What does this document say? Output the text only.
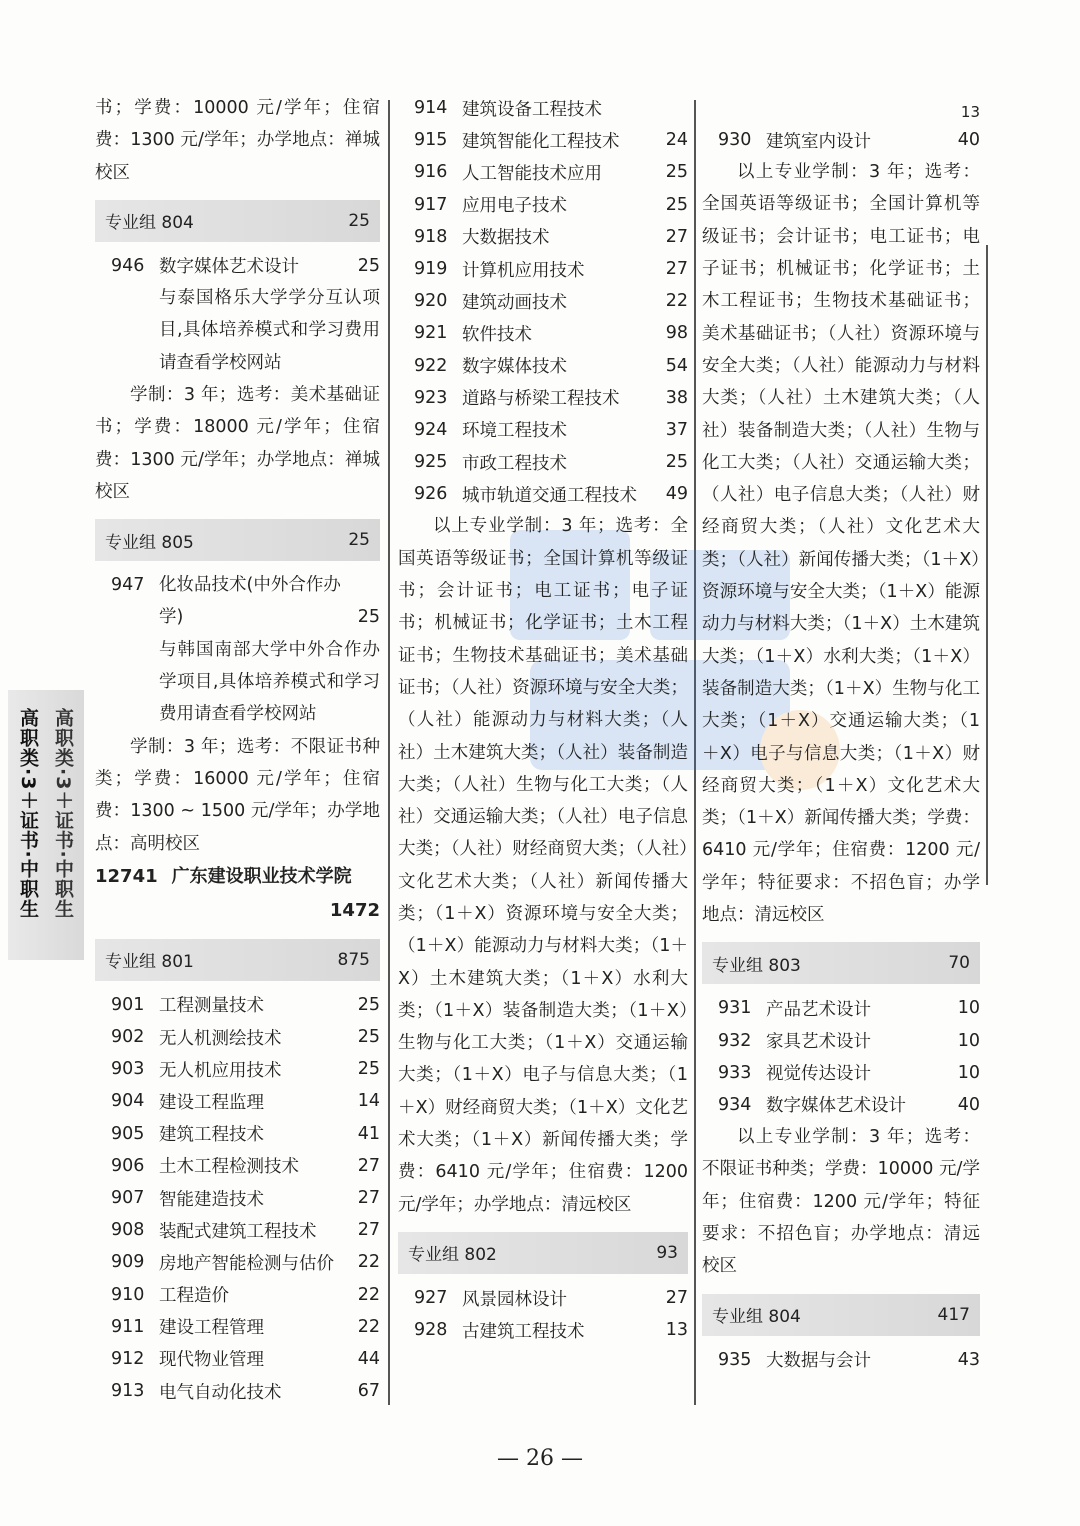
高职类·3＋证书·中职生 高职类·3＋证书·中职生

书；学费：10000 元/学年；住宿费：1300 元/学年；办学地点：禅城校区

专业组 804	25
946 数字媒体艺术设计	25
与泰国格乐大学学分互认项目,具体培养模式和学习费用请查看学校网站

学制：3 年；选考：美术基础证书；学费：18000 元/学年；住宿费：1300 元/学年；办学地点：禅城校区

专业组 805	25
947 化妆品技术(中外合作办学)	25
与韩国南部大学中外合作办学项目,具体培养模式和学习费用请查看学校网站

学制：3 年；选考：不限证书种类；学费：16000 元/学年；住宿费：1300 ~ 1500 元/学年；办学地点：高明校区

12741 广东建设职业技术学院
1472
专业组 801	875
901 工程测量技术	25
902 无人机测绘技术	25
903 无人机应用技术	25
904 建设工程监理	14
905 建筑工程技术	41
906 土木工程检测技术	27
907 智能建造技术	27
908 装配式建筑工程技术	27
909 房地产智能检测与估价	22
910 工程造价	22
911 建设工程管理	22
912 现代物业管理	44
913 电气自动化技术	67
914 建筑设备工程技术
915 建筑智能化工程技术	24
916 人工智能技术应用	25
917 应用电子技术	25
918 大数据技术	27
919 计算机应用技术	27
920 建筑动画技术	22
921 软件技术	98
922 数字媒体技术	54
923 道路与桥梁工程技术	38
924 环境工程技术	37
925 市政工程技术	25
926 城市轨道交通工程技术	49

以上专业学制：3 年；选考：全国英语等级证书；全国计算机等级证书；会计证书；电工证书；电子证书；机械证书；化学证书；土木工程证书；生物技术基础证书；美术基础证书；（人社）资源环境与安全大类；（人社）能源动力与材料大类；（人社）土木建筑大类；（人社）装备制造大类；（人社）生物与化工大类；（人社）交通运输大类；（人社）电子信息大类；（人社）财经商贸大类；（人社）文化艺术大类；（人社）新闻传播大类；（1＋X）资源环境与安全大类；（1＋X）能源动力与材料大类；（1＋X）土木建筑大类；（1＋X）水利大类；（1＋X）装备制造大类；（1＋X）生物与化工大类；（1＋X）交通运输大类；（1＋X）电子与信息大类；（1＋X）财经商贸大类；（1＋X）文化艺术大类；（1＋X）新闻传播大类；学费：6410 元/学年；住宿费：1200 元/学年；办学地点：清远校区

专业组 802	93
927 风景园林设计	27
928 古建筑工程技术	13
13
930 建筑室内设计	40

以上专业学制：3 年；选考：全国英语等级证书；全国计算机等级证书；会计证书；电工证书；电子证书；机械证书；化学证书；土木工程证书；生物技术基础证书；美术基础证书；（人社）资源环境与安全大类；（人社）能源动力与材料大类；（人社）土木建筑大类；（人社）装备制造大类；（人社）生物与化工大类；（人社）交通运输大类；（人社）电子信息大类；（人社）财经商贸大类；（人社）文化艺术大类；（人社）新闻传播大类；（1＋X）资源环境与安全大类；（1＋X）能源动力与材料大类；（1＋X）土木建筑大类；（1＋X）水利大类；（1＋X）装备制造大类；（1＋X）生物与化工大类；（1＋X）交通运输大类；（1＋X）电子与信息大类；（1＋X）财经商贸大类；（1＋X）文化艺术大类；（1＋X）新闻传播大类；学费：6410 元/学年；住宿费：1200 元/学年；特征要求：不招色盲；办学地点：清远校区

专业组 803	70
931 产品艺术设计	10
932 家具艺术设计	10
933 视觉传达设计	10
934 数字媒体艺术设计	40

以上专业学制：3 年；选考：不限证书种类；学费：10000 元/学年；住宿费：1200 元/学年；特征要求：不招色盲；办学地点：清远校区

专业组 804	417
935 大数据与会计	43
— 26 —
